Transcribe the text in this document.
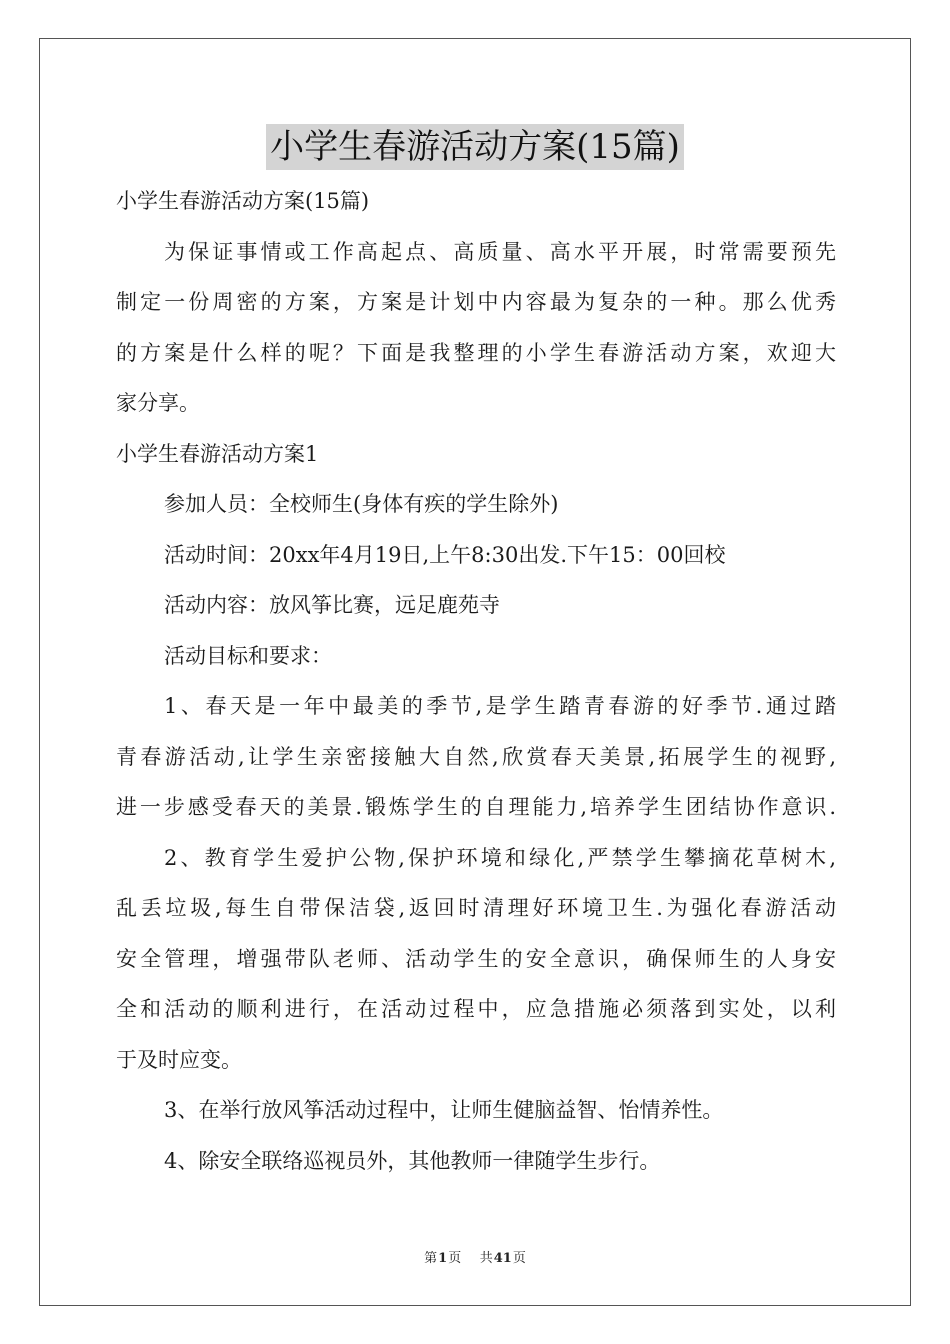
小学生春游活动方案(15篇)
小学生春游活动方案(15篇)
为保证事情或工作高起点、高质量、高水平开展，时常需要预先
制定一份周密的方案，方案是计划中内容最为复杂的一种。那么优秀
的方案是什么样的呢？下面是我整理的小学生春游活动方案，欢迎大
家分享。
小学生春游活动方案1
参加人员：全校师生(身体有疾的学生除外)
活动时间：20xx年4月19日,上午8:30出发.下午15：00回校
活动内容：放风筝比赛，远足鹿苑寺
活动目标和要求：
1、春天是一年中最美的季节,是学生踏青春游的好季节.通过踏
青春游活动,让学生亲密接触大自然,欣赏春天美景,拓展学生的视野,
进一步感受春天的美景.锻炼学生的自理能力,培养学生团结协作意识.
2、教育学生爱护公物,保护环境和绿化,严禁学生攀摘花草树木,
乱丢垃圾,每生自带保洁袋,返回时清理好环境卫生.为强化春游活动
安全管理，增强带队老师、活动学生的安全意识，确保师生的人身安
全和活动的顺利进行，在活动过程中，应急措施必须落到实处，以利
于及时应变。
3、在举行放风筝活动过程中，让师生健脑益智、怡情养性。
4、除安全联络巡视员外，其他教师一律随学生步行。
第1页 共41页
